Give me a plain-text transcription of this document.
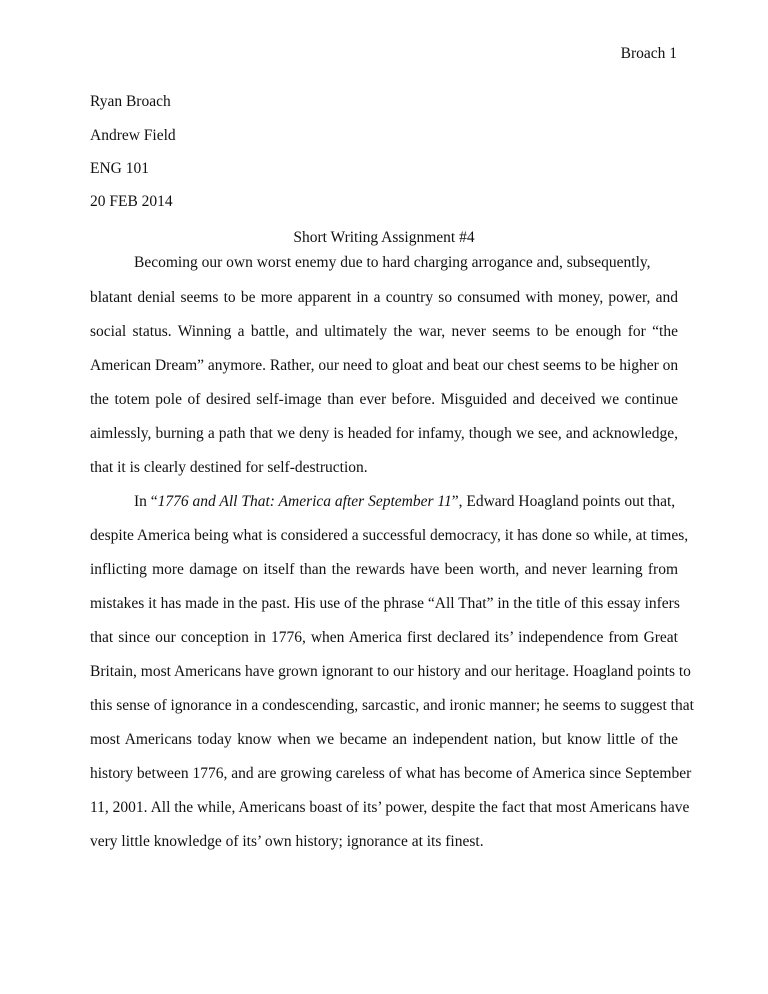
Broach 1
Ryan Broach
Andrew Field
ENG 101
20 FEB 2014
Short Writing Assignment #4
Becoming our own worst enemy due to hard charging arrogance and, subsequently,
blatant denial seems to be more apparent in a country so consumed with money, power, and
social status. Winning a battle, and ultimately the war, never seems to be enough for “the
American Dream” anymore. Rather, our need to gloat and beat our chest seems to be higher on
the totem pole of desired self-image than ever before. Misguided and deceived we continue
aimlessly, burning a path that we deny is headed for infamy, though we see, and acknowledge,
that it is clearly destined for self-destruction.
In “1776 and All That: America after September 11”, Edward Hoagland points out that,
despite America being what is considered a successful democracy, it has done so while, at times,
inflicting more damage on itself than the rewards have been worth, and never learning from
mistakes it has made in the past. His use of the phrase “All That” in the title of this essay infers
that since our conception in 1776, when America first declared its’ independence from Great
Britain, most Americans have grown ignorant to our history and our heritage. Hoagland points to
this sense of ignorance in a condescending, sarcastic, and ironic manner; he seems to suggest that
most Americans today know when we became an independent nation, but know little of the
history between 1776, and are growing careless of what has become of America since September
11, 2001. All the while, Americans boast of its’ power, despite the fact that most Americans have
very little knowledge of its’ own history; ignorance at its finest.
